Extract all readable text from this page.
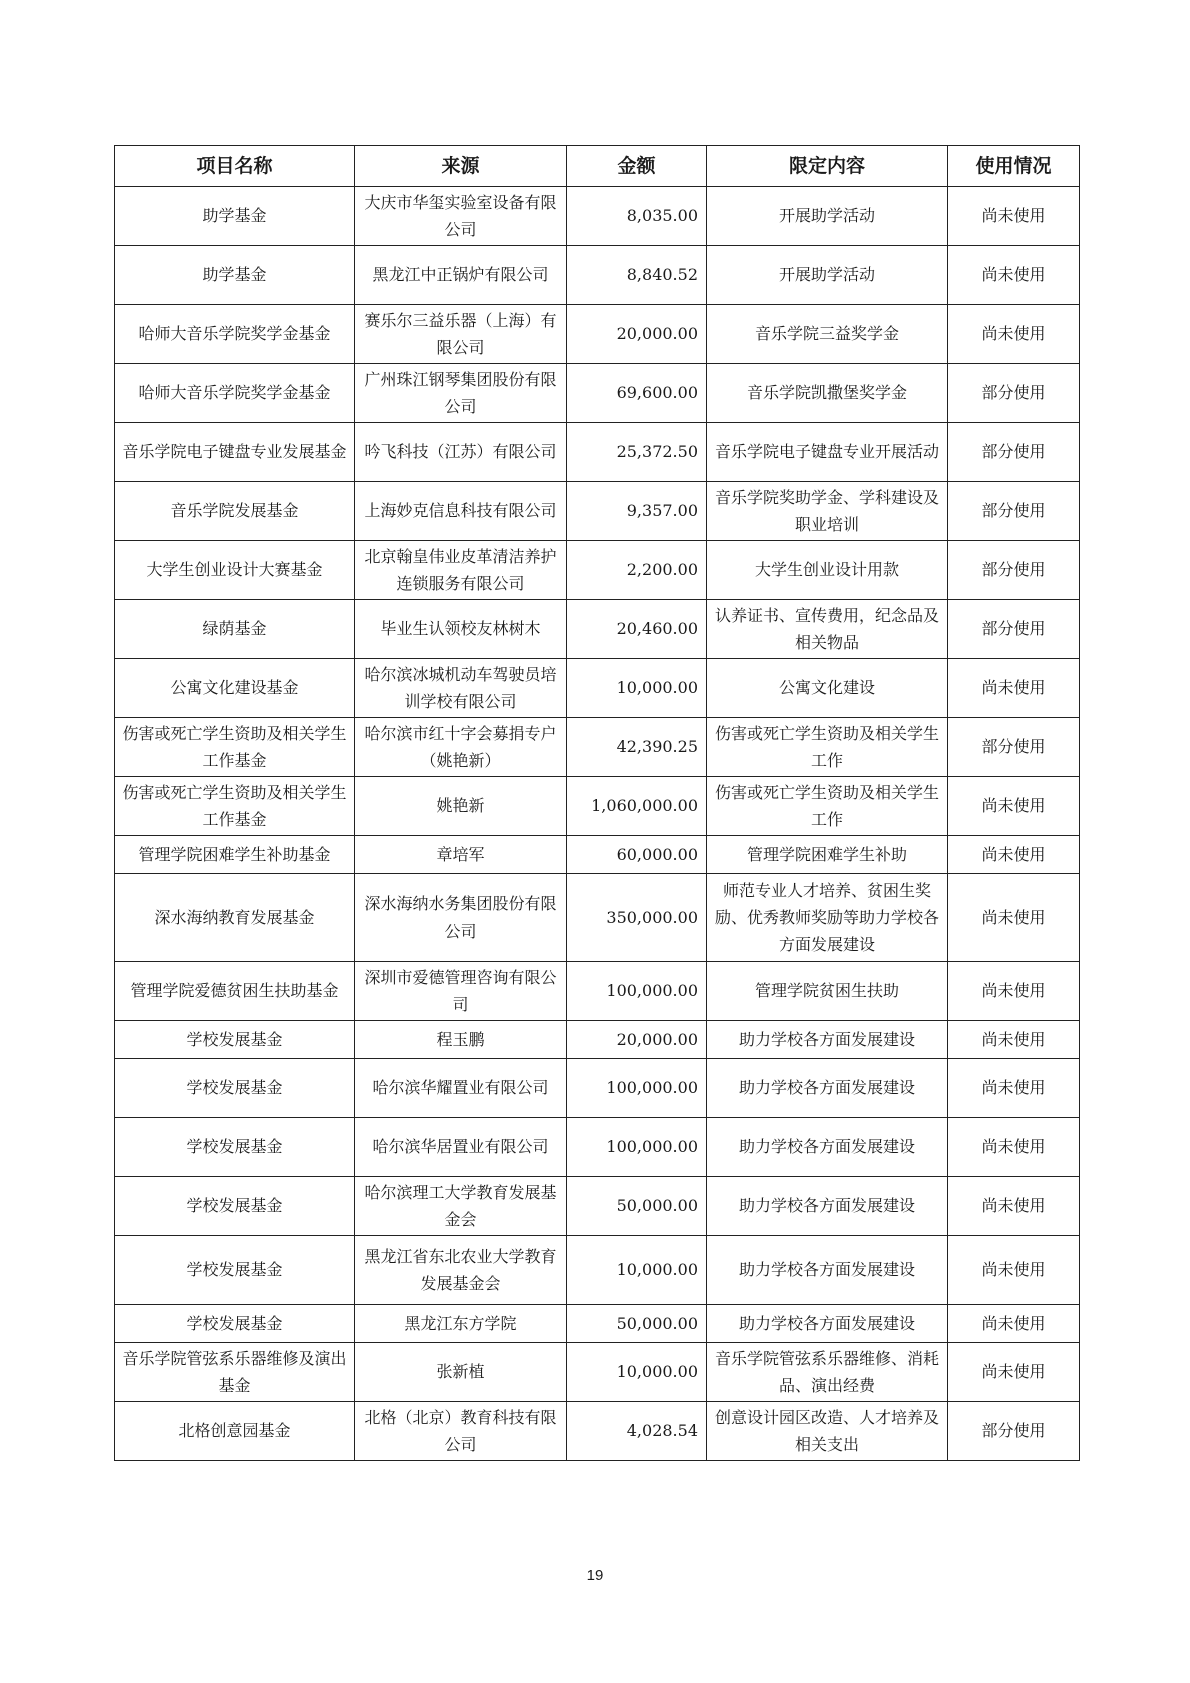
项目名称	来源	金额	限定内容	使用情况
助学基金	大庆市华玺实验室设备有限公司	8,035.00	开展助学活动	尚未使用
助学基金	黑龙江中正锅炉有限公司	8,840.52	开展助学活动	尚未使用
哈师大音乐学院奖学金基金	赛乐尔三益乐器（上海）有限公司	20,000.00	音乐学院三益奖学金	尚未使用
哈师大音乐学院奖学金基金	广州珠江钢琴集团股份有限公司	69,600.00	音乐学院凯撒堡奖学金	部分使用
音乐学院电子键盘专业发展基金	吟飞科技（江苏）有限公司	25,372.50	音乐学院电子键盘专业开展活动	部分使用
音乐学院发展基金	上海妙克信息科技有限公司	9,357.00	音乐学院奖助学金、学科建设及职业培训	部分使用
大学生创业设计大赛基金	北京翰皇伟业皮革清洁养护连锁服务有限公司	2,200.00	大学生创业设计用款	部分使用
绿荫基金	毕业生认领校友林树木	20,460.00	认养证书、宣传费用，纪念品及相关物品	部分使用
公寓文化建设基金	哈尔滨冰城机动车驾驶员培训学校有限公司	10,000.00	公寓文化建设	尚未使用
伤害或死亡学生资助及相关学生工作基金	哈尔滨市红十字会募捐专户（姚艳新）	42,390.25	伤害或死亡学生资助及相关学生工作	部分使用
伤害或死亡学生资助及相关学生工作基金	姚艳新	1,060,000.00	伤害或死亡学生资助及相关学生工作	尚未使用
管理学院困难学生补助基金	章培军	60,000.00	管理学院困难学生补助	尚未使用
深水海纳教育发展基金	深水海纳水务集团股份有限公司	350,000.00	师范专业人才培养、贫困生奖励、优秀教师奖励等助力学校各方面发展建设	尚未使用
管理学院爱德贫困生扶助基金	深圳市爱德管理咨询有限公司	100,000.00	管理学院贫困生扶助	尚未使用
学校发展基金	程玉鹏	20,000.00	助力学校各方面发展建设	尚未使用
学校发展基金	哈尔滨华耀置业有限公司	100,000.00	助力学校各方面发展建设	尚未使用
学校发展基金	哈尔滨华居置业有限公司	100,000.00	助力学校各方面发展建设	尚未使用
学校发展基金	哈尔滨理工大学教育发展基金会	50,000.00	助力学校各方面发展建设	尚未使用
学校发展基金	黑龙江省东北农业大学教育发展基金会	10,000.00	助力学校各方面发展建设	尚未使用
学校发展基金	黑龙江东方学院	50,000.00	助力学校各方面发展建设	尚未使用
音乐学院管弦系乐器维修及演出基金	张新植	10,000.00	音乐学院管弦系乐器维修、消耗品、演出经费	尚未使用
北格创意园基金	北格（北京）教育科技有限公司	4,028.54	创意设计园区改造、人才培养及相关支出	部分使用
19
